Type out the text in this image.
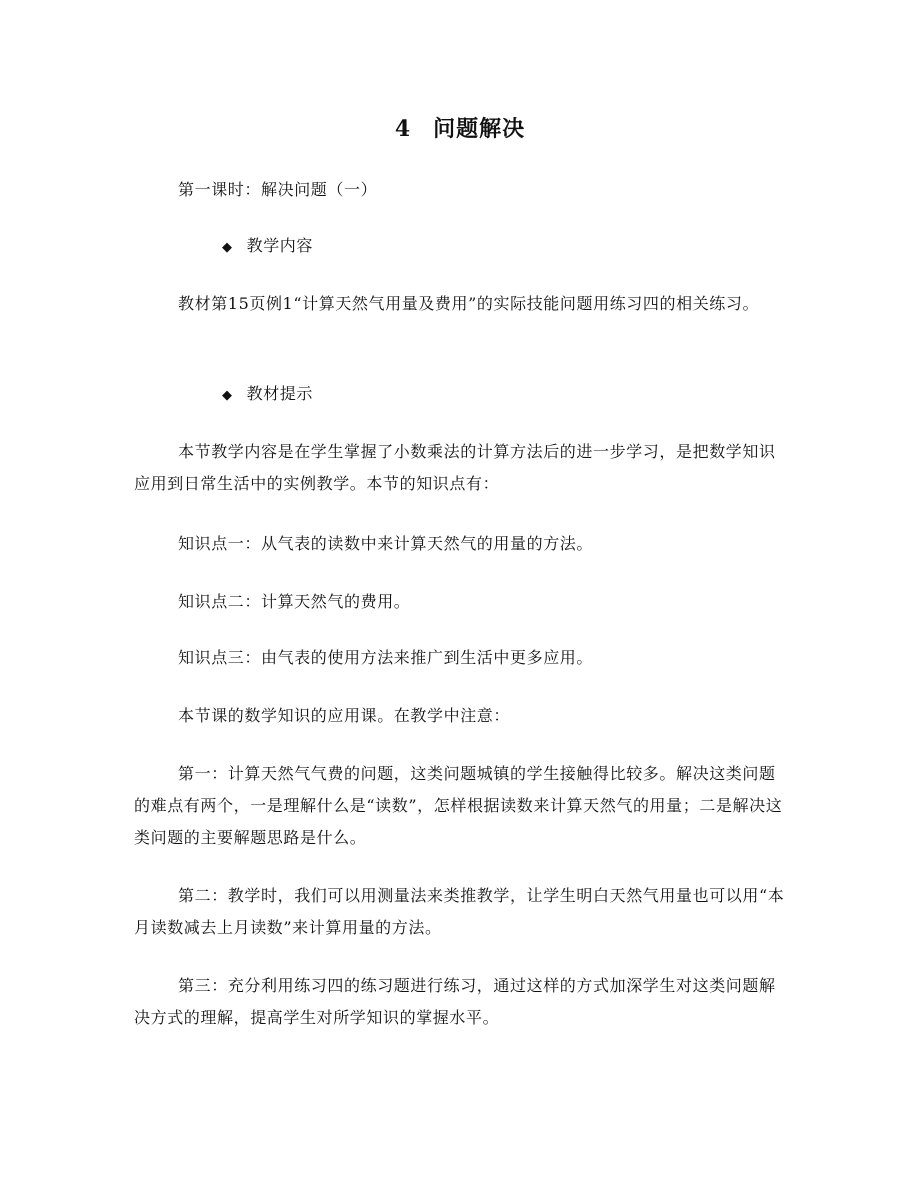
4 问题解决
第一课时：解决问题（一）
◆ 教学内容
教材第15页例1“计算天然气用量及费用”的实际技能问题用练习四的相关练习。
◆ 教材提示
本节教学内容是在学生掌握了小数乘法的计算方法后的进一步学习，是把数学知识应用到日常生活中的实例教学。本节的知识点有：
知识点一：从气表的读数中来计算天然气的用量的方法。
知识点二：计算天然气的费用。
知识点三：由气表的使用方法来推广到生活中更多应用。
本节课的数学知识的应用课。在教学中注意：
第一：计算天然气气费的问题，这类问题城镇的学生接触得比较多。解决这类问题的难点有两个，一是理解什么是“读数”，怎样根据读数来计算天然气的用量；二是解决这类问题的主要解题思路是什么。
第二：教学时，我们可以用测量法来类推教学，让学生明白天然气用量也可以用“本月读数减去上月读数”来计算用量的方法。
第三：充分利用练习四的练习题进行练习，通过这样的方式加深学生对这类问题解决方式的理解，提高学生对所学知识的掌握水平。
